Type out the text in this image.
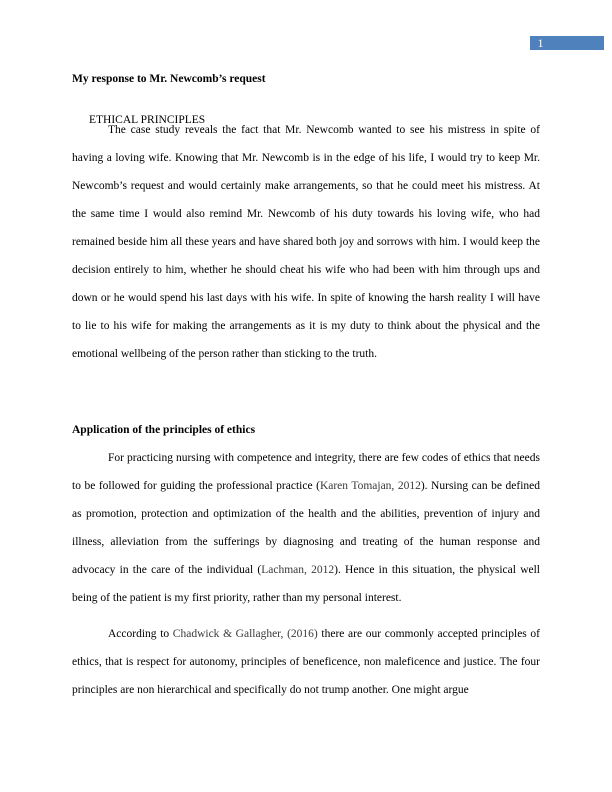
1
My response to Mr. Newcomb’s request
ETHICAL PRINCIPLES

The case study reveals the fact that Mr. Newcomb wanted to see his mistress in spite of having a loving wife. Knowing that Mr. Newcomb is in the edge of his life, I would try to keep Mr. Newcomb’s request and would certainly make arrangements, so that he could meet his mistress. At the same time I would also remind Mr. Newcomb of his duty towards his loving wife, who had remained beside him all these years and have shared both joy and sorrows with him. I would keep the decision entirely to him, whether he should cheat his wife who had been with him through ups and down or he would spend his last days with his wife. In spite of knowing the harsh reality I will have to lie to his wife for making the arrangements as it is my duty to think about the physical and the emotional wellbeing of the person rather than sticking to the truth.

Application of the principles of ethics

For practicing nursing with competence and integrity, there are few codes of ethics that needs to be followed for guiding the professional practice (Karen Tomajan, 2012). Nursing can be defined as promotion, protection and optimization of the health and the abilities, prevention of injury and illness, alleviation from the sufferings by diagnosing and treating of the human response and advocacy in the care of the individual (Lachman, 2012). Hence in this situation, the physical well being of the patient is my first priority, rather than my personal interest.

According to Chadwick & Gallagher, (2016) there are our commonly accepted principles of ethics, that is respect for autonomy, principles of beneficence, non maleficence and justice. The four principles are non hierarchical and specifically do not trump another. One might argue
